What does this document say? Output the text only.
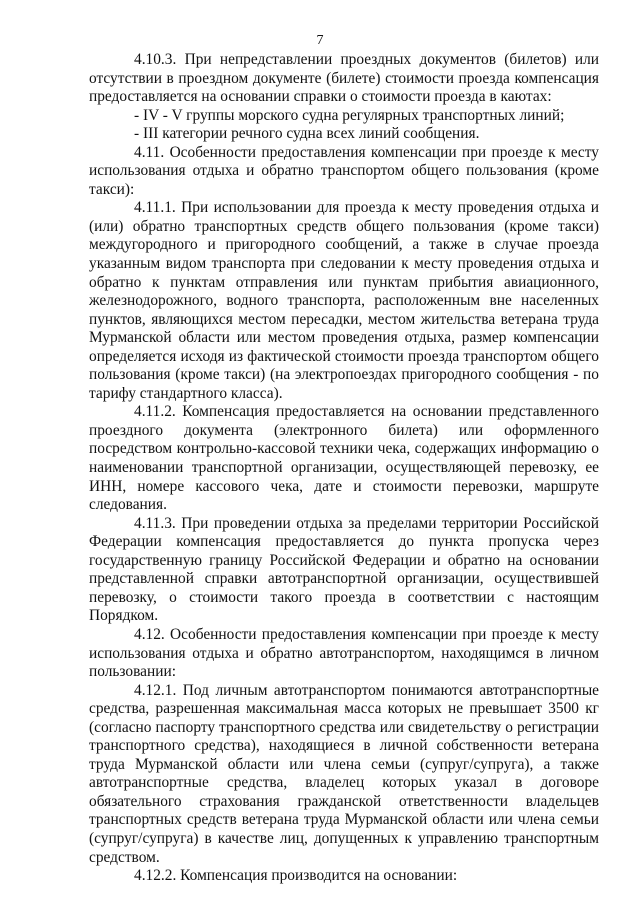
7

4.10.3. При непредставлении проездных документов (билетов) или отсутствии в проездном документе (билете) стоимости проезда компенсация предоставляется на основании справки о стоимости проезда в каютах:

- IV - V группы морского судна регулярных транспортных линий;

- III категории речного судна всех линий сообщения.

4.11. Особенности предоставления компенсации при проезде к месту использования отдыха и обратно транспортом общего пользования (кроме такси):

4.11.1. При использовании для проезда к месту проведения отдыха и (или) обратно транспортных средств общего пользования (кроме такси) междугородного и пригородного сообщений, а также в случае проезда указанным видом транспорта при следовании к месту проведения отдыха и обратно к пунктам отправления или пунктам прибытия авиационного, железнодорожного, водного транспорта, расположенным вне населенных пунктов, являющихся местом пересадки, местом жительства ветерана труда Мурманской области или местом проведения отдыха, размер компенсации определяется исходя из фактической стоимости проезда транспортом общего пользования (кроме такси) (на электропоездах пригородного сообщения - по тарифу стандартного класса).

4.11.2. Компенсация предоставляется на основании представленного проездного документа (электронного билета) или оформленного посредством контрольно-кассовой техники чека, содержащих информацию о наименовании транспортной организации, осуществляющей перевозку, ее ИНН, номере кассового чека, дате и стоимости перевозки, маршруте следования.

4.11.3. При проведении отдыха за пределами территории Российской Федерации компенсация предоставляется до пункта пропуска через государственную границу Российской Федерации и обратно на основании представленной справки автотранспортной организации, осуществившей перевозку, о стоимости такого проезда в соответствии с настоящим Порядком.

4.12. Особенности предоставления компенсации при проезде к месту использования отдыха и обратно автотранспортом, находящимся в личном пользовании:

4.12.1. Под личным автотранспортом понимаются автотранспортные средства, разрешенная максимальная масса которых не превышает 3500 кг (согласно паспорту транспортного средства или свидетельству о регистрации транспортного средства), находящиеся в личной собственности ветерана труда Мурманской области или члена семьи (супруг/супруга), а также автотранспортные средства, владелец которых указал в договоре обязательного страхования гражданской ответственности владельцев транспортных средств ветерана труда Мурманской области или члена семьи (супруг/супруга) в качестве лиц, допущенных к управлению транспортным средством.

4.12.2. Компенсация производится на основании:
